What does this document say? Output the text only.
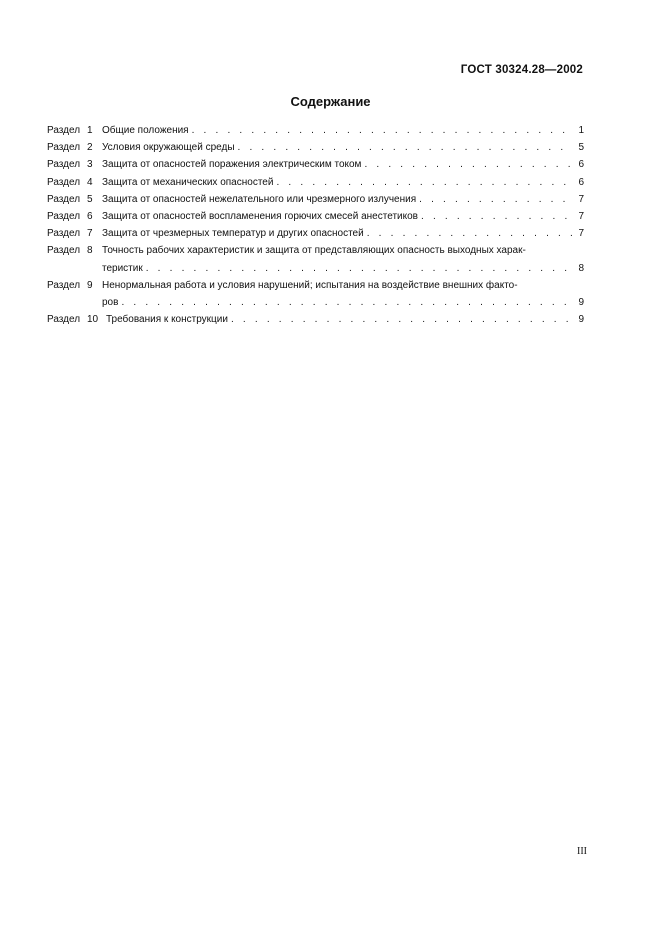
ГОСТ 30324.28—2002
Содержание
Раздел 1 Общие положения . . .	1
Раздел 2 Условия окружающей среды . . .	5
Раздел 3 Защита от опасностей поражения электрическим током . . .	6
Раздел 4 Защита от механических опасностей . . .	6
Раздел 5 Защита от опасностей нежелательного или чрезмерного излучения . . .	7
Раздел 6 Защита от опасностей воспламенения горючих смесей анестетиков . . .	7
Раздел 7 Защита от чрезмерных температур и других опасностей . . .	7
Раздел 8 Точность рабочих характеристик и защита от представляющих опасность выходных харак-
теристик . . .	8
Раздел 9 Ненормальная работа и условия нарушений; испытания на воздействие внешних факто-
ров . . .	9
Раздел 10 Требования к конструкции . . .	9
III
